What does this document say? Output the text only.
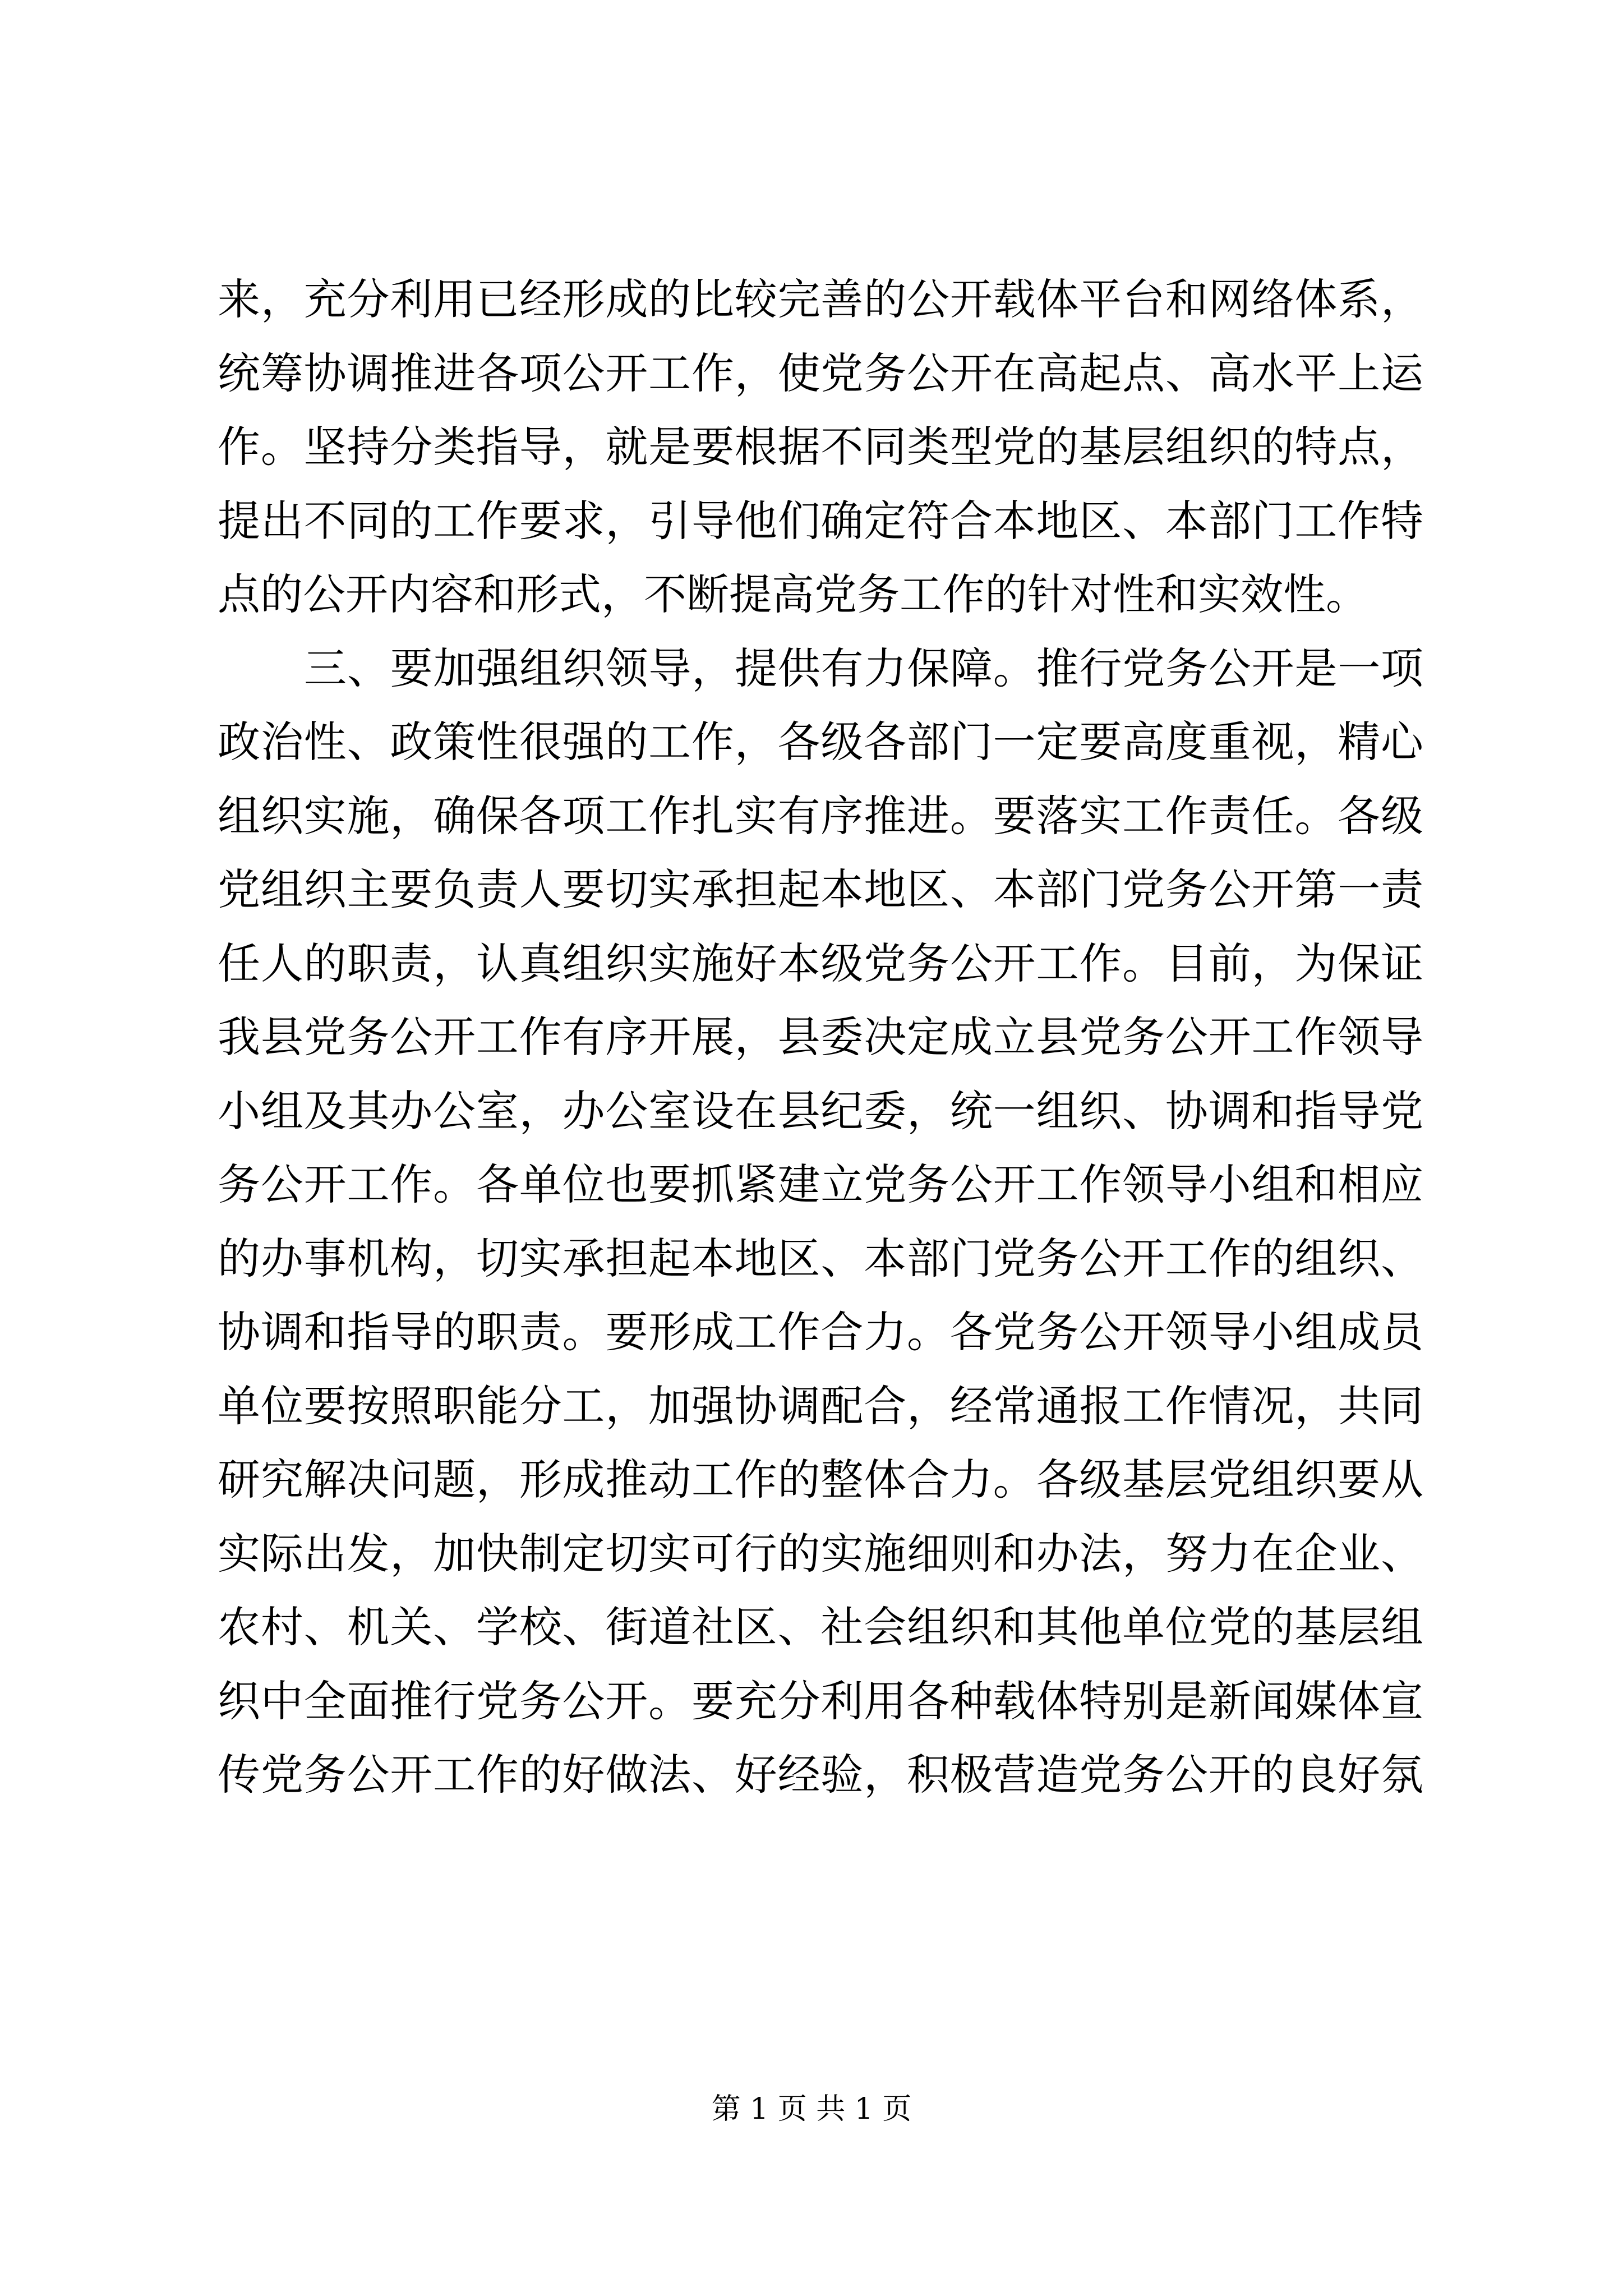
来，充分利用已经形成的比较完善的公开载体平台和网络体系，
统筹协调推进各项公开工作，使党务公开在高起点、高水平上运
作。坚持分类指导，就是要根据不同类型党的基层组织的特点，
提出不同的工作要求，引导他们确定符合本地区、本部门工作特
点的公开内容和形式，不断提高党务工作的针对性和实效性。
三、要加强组织领导，提供有力保障。推行党务公开是一项
政治性、政策性很强的工作，各级各部门一定要高度重视，精心
组织实施，确保各项工作扎实有序推进。要落实工作责任。各级
党组织主要负责人要切实承担起本地区、本部门党务公开第一责
任人的职责，认真组织实施好本级党务公开工作。目前，为保证
我县党务公开工作有序开展，县委决定成立县党务公开工作领导
小组及其办公室，办公室设在县纪委，统一组织、协调和指导党
务公开工作。各单位也要抓紧建立党务公开工作领导小组和相应
的办事机构，切实承担起本地区、本部门党务公开工作的组织、
协调和指导的职责。要形成工作合力。各党务公开领导小组成员
单位要按照职能分工，加强协调配合，经常通报工作情况，共同
研究解决问题，形成推动工作的整体合力。各级基层党组织要从
实际出发，加快制定切实可行的实施细则和办法，努力在企业、
农村、机关、学校、街道社区、社会组织和其他单位党的基层组
织中全面推行党务公开。要充分利用各种载体特别是新闻媒体宣
传党务公开工作的好做法、好经验，积极营造党务公开的良好氛
第 1 页 共 1 页
